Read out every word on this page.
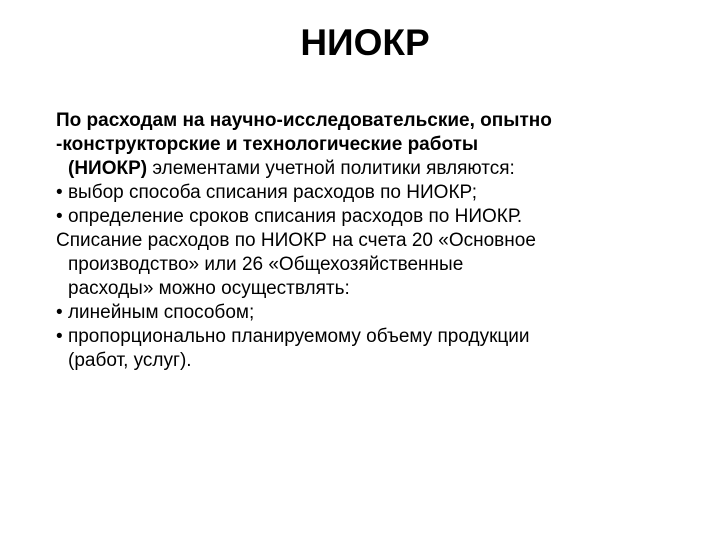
НИОКР

По расходам на научно-исследовательские, опытно
-конструкторские и технологические работы
(НИОКР) элементами учетной политики являются:

• выбор способа списания расходов по НИОКР;

• определение сроков списания расходов по НИОКР.

Списание расходов по НИОКР на счета 20 «Основное
производство» или 26 «Общехозяйственные
расходы» можно осуществлять:

• линейным способом;

• пропорционально планируемому объему продукции
(работ, услуг).
